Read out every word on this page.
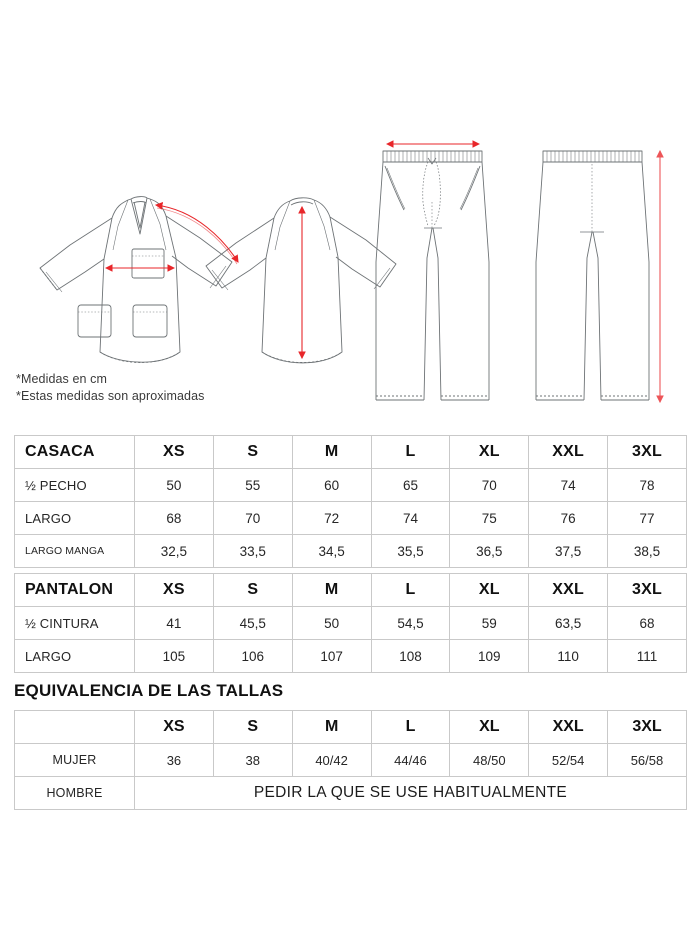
*Medidas en cm
*Estas medidas son aproximadas
CASACA	XS	S	M	L	XL	XXL	3XL
½ PECHO	50	55	60	65	70	74	78
LARGO	68	70	72	74	75	76	77
LARGO MANGA	32,5	33,5	34,5	35,5	36,5	37,5	38,5
PANTALON	XS	S	M	L	XL	XXL	3XL
½ CINTURA	41	45,5	50	54,5	59	63,5	68
LARGO	105	106	107	108	109	110	111
EQUIVALENCIA DE LAS TALLAS
	XS	S	M	L	XL	XXL	3XL
MUJER	36	38	40/42	44/46	48/50	52/54	56/58
HOMBRE	PEDIR LA QUE SE USE HABITUALMENTE						
